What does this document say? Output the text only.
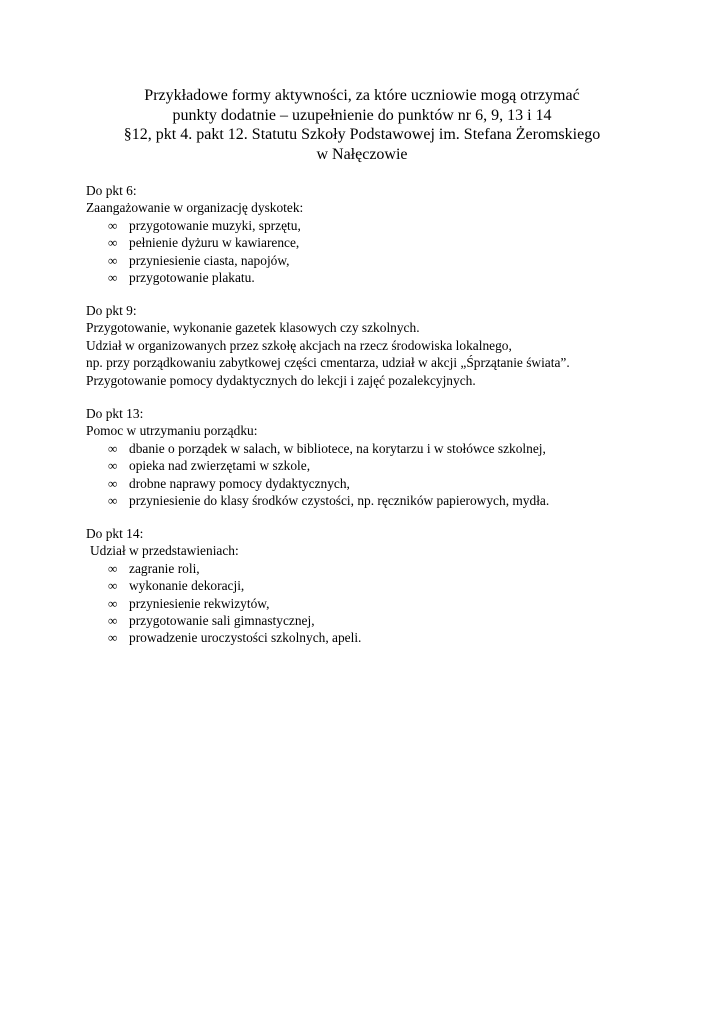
Przykładowe formy aktywności, za które uczniowie mogą otrzymać
punkty dodatnie – uzupełnienie do punktów nr 6, 9, 13 i 14
§12, pkt 4. pakt 12. Statutu Szkoły Podstawowej im. Stefana Żeromskiego
w Nałęczowie
Do pkt 6:
Zaangażowanie w organizację dyskotek:
∞ przygotowanie muzyki, sprzętu,
∞ pełnienie dyżuru w kawiarence,
∞ przyniesienie ciasta, napojów,
∞ przygotowanie plakatu.
Do pkt 9:
Przygotowanie, wykonanie gazetek klasowych czy szkolnych.
Udział w organizowanych przez szkołę akcjach na rzecz środowiska lokalnego,
np. przy porządkowaniu zabytkowej części cmentarza, udział w akcji „Śprzątanie świata”.
Przygotowanie pomocy dydaktycznych do lekcji i zajęć pozalekcyjnych.
Do pkt 13:
Pomoc w utrzymaniu porządku:
∞ dbanie o porządek w salach, w bibliotece, na korytarzu i w stołówce szkolnej,
∞ opieka nad zwierzętami w szkole,
∞ drobne naprawy pomocy dydaktycznych,
∞ przyniesienie do klasy środków czystości, np. ręczników papierowych, mydła.
Do pkt 14:
Udział w przedstawieniach:
∞ zagranie roli,
∞ wykonanie dekoracji,
∞ przyniesienie rekwizytów,
∞ przygotowanie sali gimnastycznej,
∞ prowadzenie uroczystości szkolnych, apeli.
